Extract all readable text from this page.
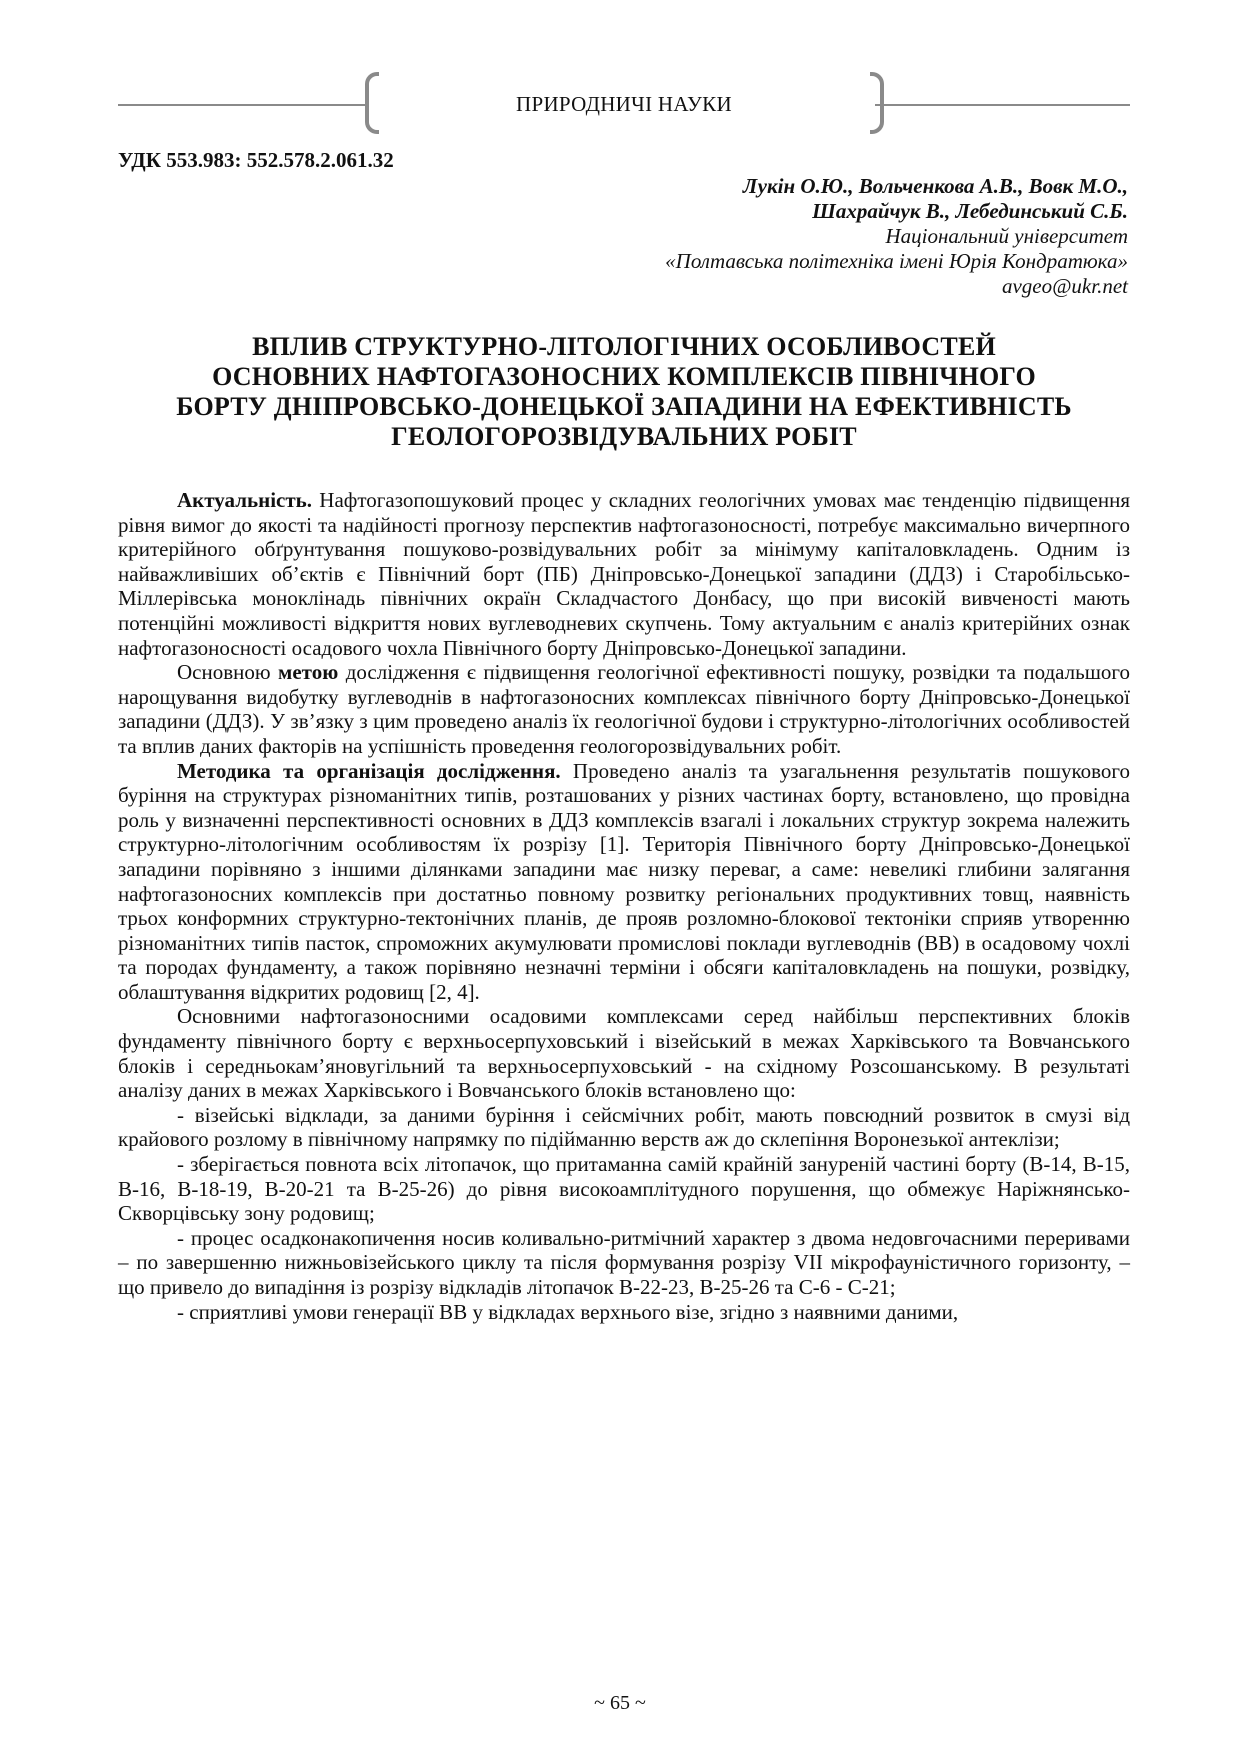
ПРИРОДНИЧІ НАУКИ
УДК 553.983: 552.578.2.061.32
Лукін О.Ю., Вольченкова А.В., Вовк М.О.,
Шахрайчук В., Лебединський С.Б.
Національний університет
«Полтавська політехніка імені Юрія Кондратюка»
avgeo@ukr.net
ВПЛИВ СТРУКТУРНО-ЛІТОЛОГІЧНИХ ОСОБЛИВОСТЕЙ
ОСНОВНИХ НАФТОГАЗОНОСНИХ КОМПЛЕКСІВ ПІВНІЧНОГО
БОРТУ ДНІПРОВСЬКО-ДОНЕЦЬКОЇ ЗАПАДИНИ НА ЕФЕКТИВНІСТЬ
ГЕОЛОГОРОЗВІДУВАЛЬНИХ РОБІТ

Актуальність. Нафтогазопошуковий процес у складних геологічних умовах має тенденцію підвищення рівня вимог до якості та надійності прогнозу перспектив нафтогазоносності, потребує максимально вичерпного критерійного обґрунтування пошуково-розвідувальних робіт за мінімуму капіталовкладень. Одним із найважливіших об’єктів є Північний борт (ПБ) Дніпровсько-Донецької западини (ДДЗ) і Старобільсько-Міллерівська моноклінадь північних окраїн Складчастого Донбасу, що при високій вивченості мають потенційні можливості відкриття нових вуглеводневих скупчень. Тому актуальним є аналіз критерійних ознак нафтогазоносності осадового чохла Північного борту Дніпровсько-Донецької западини.

Основною метою дослідження є підвищення геологічної ефективності пошуку, розвідки та подальшого нарощування видобутку вуглеводнів в нафтогазоносних комплексах північного борту Дніпровсько-Донецької западини (ДДЗ). У зв’язку з цим проведено аналіз їх геологічної будови і структурно-літологічних особливостей та вплив даних факторів на успішність проведення геологорозвідувальних робіт.

Методика та організація дослідження. Проведено аналіз та узагальнення результатів пошукового буріння на структурах різноманітних типів, розташованих у різних частинах борту, встановлено, що провідна роль у визначенні перспективності основних в ДДЗ комплексів взагалі і локальних структур зокрема належить структурно-літологічним особливостям їх розрізу [1]. Територія Північного борту Дніпровсько-Донецької западини порівняно з іншими ділянками западини має низку переваг, а саме: невеликі глибини залягання нафтогазоносних комплексів при достатньо повному розвитку регіональних продуктивних товщ, наявність трьох конформних структурно-тектонічних планів, де прояв розломно-блокової тектоніки сприяв утворенню різноманітних типів пасток, спроможних акумулювати промислові поклади вуглеводнів (ВВ) в осадовому чохлі та породах фундаменту, а також порівняно незначні терміни і обсяги капіталовкладень на пошуки, розвідку, облаштування відкритих родовищ [2, 4].

Основними нафтогазоносними осадовими комплексами серед найбільш перспективних блоків фундаменту північного борту є верхньосерпуховський і візейський в межах Харківського та Вовчанського блоків і середньокам’яновугільний та верхньосерпуховський - на східному Розсошанському. В результаті аналізу даних в межах Харківського і Вовчанського блоків встановлено що:

- візейські відклади, за даними буріння і сейсмічних робіт, мають повсюдний розвиток в смузі від крайового розлому в північному напрямку по підійманню верств аж до склепіння Воронезької антеклізи;

- зберігається повнота всіх літопачок, що притаманна самій крайній зануреній частині борту (В-14, В-15, В-16, В-18-19, В-20-21 та В-25-26) до рівня високоамплітудного порушення, що обмежує Наріжнянсько-Скворцівську зону родовищ;

- процес осадконакопичення носив коливально-ритмічний характер з двома недовгочасними переривами – по завершенню нижньовізейського циклу та після формування розрізу VII мікрофауністичного горизонту, – що привело до випадіння із розрізу відкладів літопачок В-22-23, В-25-26 та С-6 - С-21;

- сприятливі умови генерації ВВ у відкладах верхнього візе, згідно з наявними даними,

~ 65 ~
